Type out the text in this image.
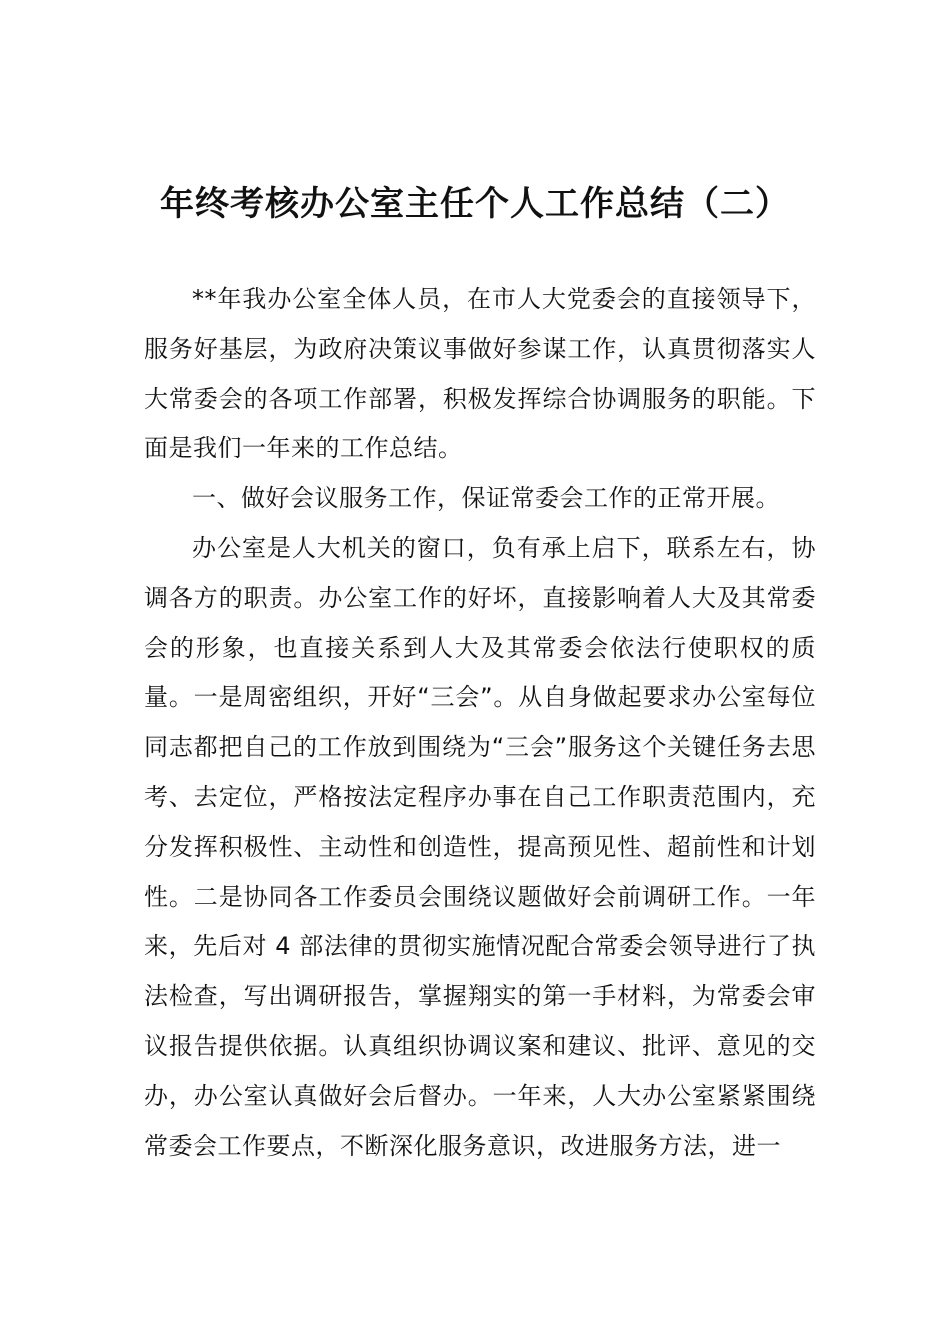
年终考核办公室主任个人工作总结（二）

**年我办公室全体人员，在市人大党委会的直接领导下，服务好基层，为政府决策议事做好参谋工作，认真贯彻落实人大常委会的各项工作部署，积极发挥综合协调服务的职能。下面是我们一年来的工作总结。

一、做好会议服务工作，保证常委会工作的正常开展。

办公室是人大机关的窗口，负有承上启下，联系左右，协调各方的职责。办公室工作的好坏，直接影响着人大及其常委会的形象，也直接关系到人大及其常委会依法行使职权的质量。一是周密组织，开好“三会”。从自身做起要求办公室每位同志都把自己的工作放到围绕为“三会”服务这个关键任务去思考、去定位，严格按法定程序办事在自己工作职责范围内，充分发挥积极性、主动性和创造性，提高预见性、超前性和计划性。二是协同各工作委员会围绕议题做好会前调研工作。一年来，先后对 4 部法律的贯彻实施情况配合常委会领导进行了执法检查，写出调研报告，掌握翔实的第一手材料，为常委会审议报告提供依据。认真组织协调议案和建议、批评、意见的交办，办公室认真做好会后督办。一年来，人大办公室紧紧围绕常委会工作要点，不断深化服务意识，改进服务方法，进一
